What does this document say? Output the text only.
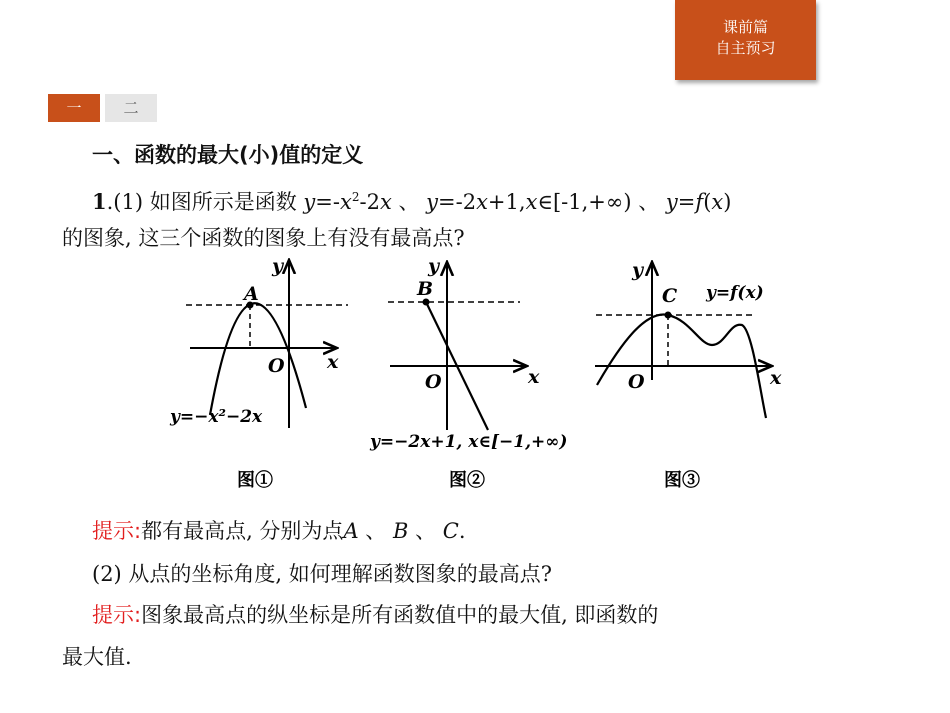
课前篇
自主预习
一	二
一、函数的最大(小)值的定义
1.(1) 如图所示是函数 $y=-x^2-2x$ 、 y=-2x+1,x∈[-1,+∞) 、 y=f(x)
的图象, 这三个函数的图象上有没有最高点?
A
O x
y
y=−x²−2x
图①
B
O	x
y
y=−2x+1, x∈[−1,+∞)
图②
C
O	x
y
y=f(x)
图③
提示:都有最高点, 分别为点A 、 B 、 C.
(2) 从点的坐标角度, 如何理解函数图象的最高点?
提示:图象最高点的纵坐标是所有函数值中的最大值, 即函数的
最大值.
